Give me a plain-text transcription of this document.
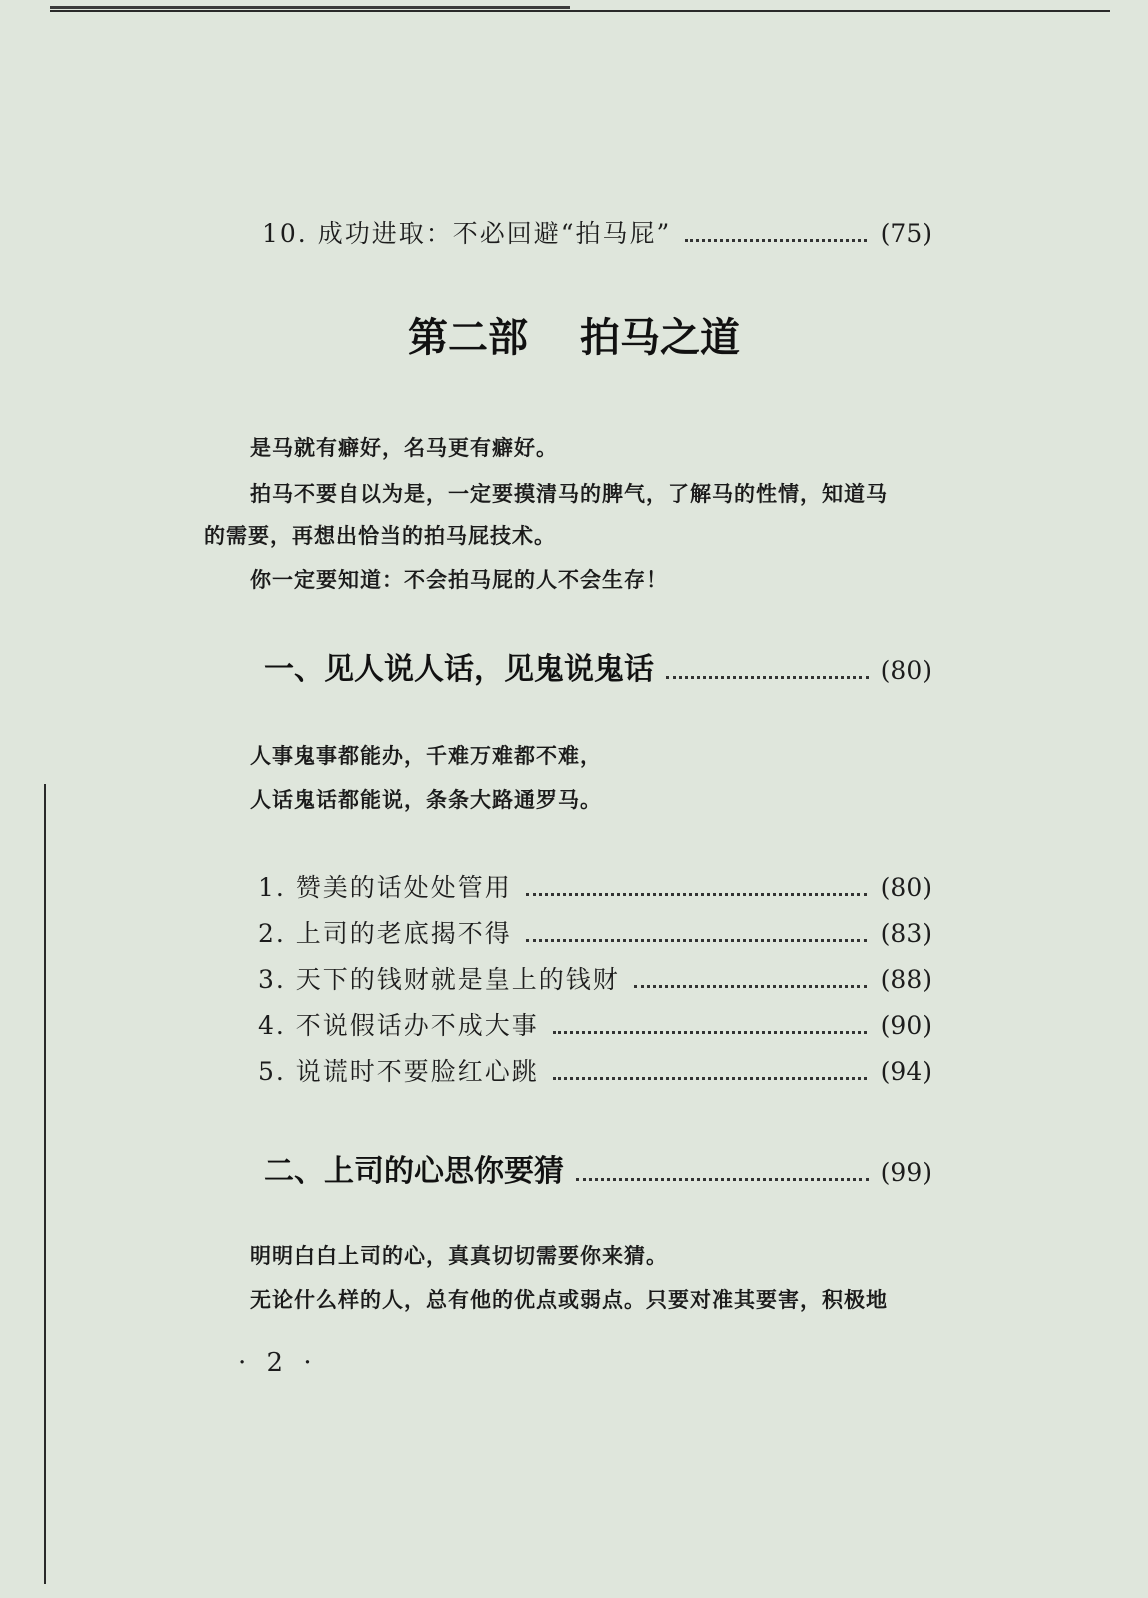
10. 成功进取：不必回避“拍马屁”	(75)
第二部 拍马之道
是马就有癖好，名马更有癖好。
拍马不要自以为是，一定要摸清马的脾气，了解马的性情，知道马
的需要，再想出恰当的拍马屁技术。
你一定要知道：不会拍马屁的人不会生存！
一、见人说人话，见鬼说鬼话	(80)
人事鬼事都能办，千难万难都不难，
人话鬼话都能说，条条大路通罗马。
1. 赞美的话处处管用	(80)
2. 上司的老底揭不得	(83)
3. 天下的钱财就是皇上的钱财	(88)
4. 不说假话办不成大事	(90)
5. 说谎时不要脸红心跳	(94)
二、上司的心思你要猜	(99)
明明白白上司的心，真真切切需要你来猜。
无论什么样的人，总有他的优点或弱点。只要对准其要害，积极地
· 2 ·
